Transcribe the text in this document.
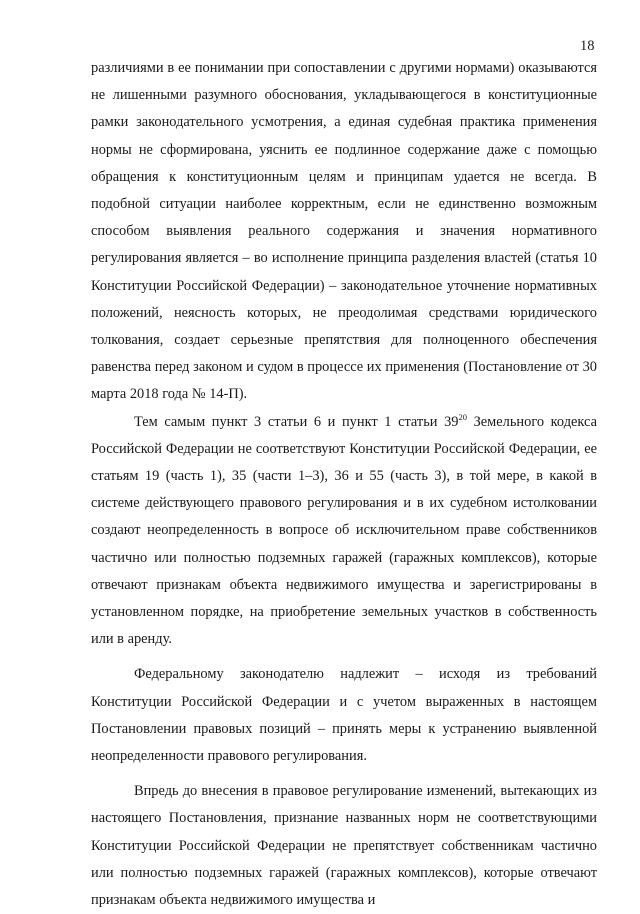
18

различиями в ее понимании при сопоставлении с другими нормами) оказываются не лишенными разумного обоснования, укладывающегося в конституционные рамки законодательного усмотрения, а единая судебная практика применения нормы не сформирована, уяснить ее подлинное содержание даже с помощью обращения к конституционным целям и принципам удается не всегда. В подобной ситуации наиболее корректным, если не единственно возможным способом выявления реального содержания и значения нормативного регулирования является – во исполнение принципа разделения властей (статья 10 Конституции Российской Федерации) – законодательное уточнение нормативных положений, неясность которых, не преодолимая средствами юридического толкования, создает серьезные препятствия для полноценного обеспечения равенства перед законом и судом в процессе их применения (Постановление от 30 марта 2018 года № 14-П).

Тем самым пункт 3 статьи 6 и пункт 1 статьи $39^{20}$ Земельного кодекса Российской Федерации не соответствуют Конституции Российской Федерации, ее статьям 19 (часть 1), 35 (части 1–3), 36 и 55 (часть 3), в той мере, в какой в системе действующего правового регулирования и в их судебном истолковании создают неопределенность в вопросе об исключительном праве собственников частично или полностью подземных гаражей (гаражных комплексов), которые отвечают признакам объекта недвижимого имущества и зарегистрированы в установленном порядке, на приобретение земельных участков в собственность или в аренду.

Федеральному законодателю надлежит – исходя из требований Конституции Российской Федерации и с учетом выраженных в настоящем Постановлении правовых позиций – принять меры к устранению выявленной неопределенности правового регулирования.

Впредь до внесения в правовое регулирование изменений, вытекающих из настоящего Постановления, признание названных норм не соответствующими Конституции Российской Федерации не препятствует собственникам частично или полностью подземных гаражей (гаражных комплексов), которые отвечают признакам объекта недвижимого имущества и
